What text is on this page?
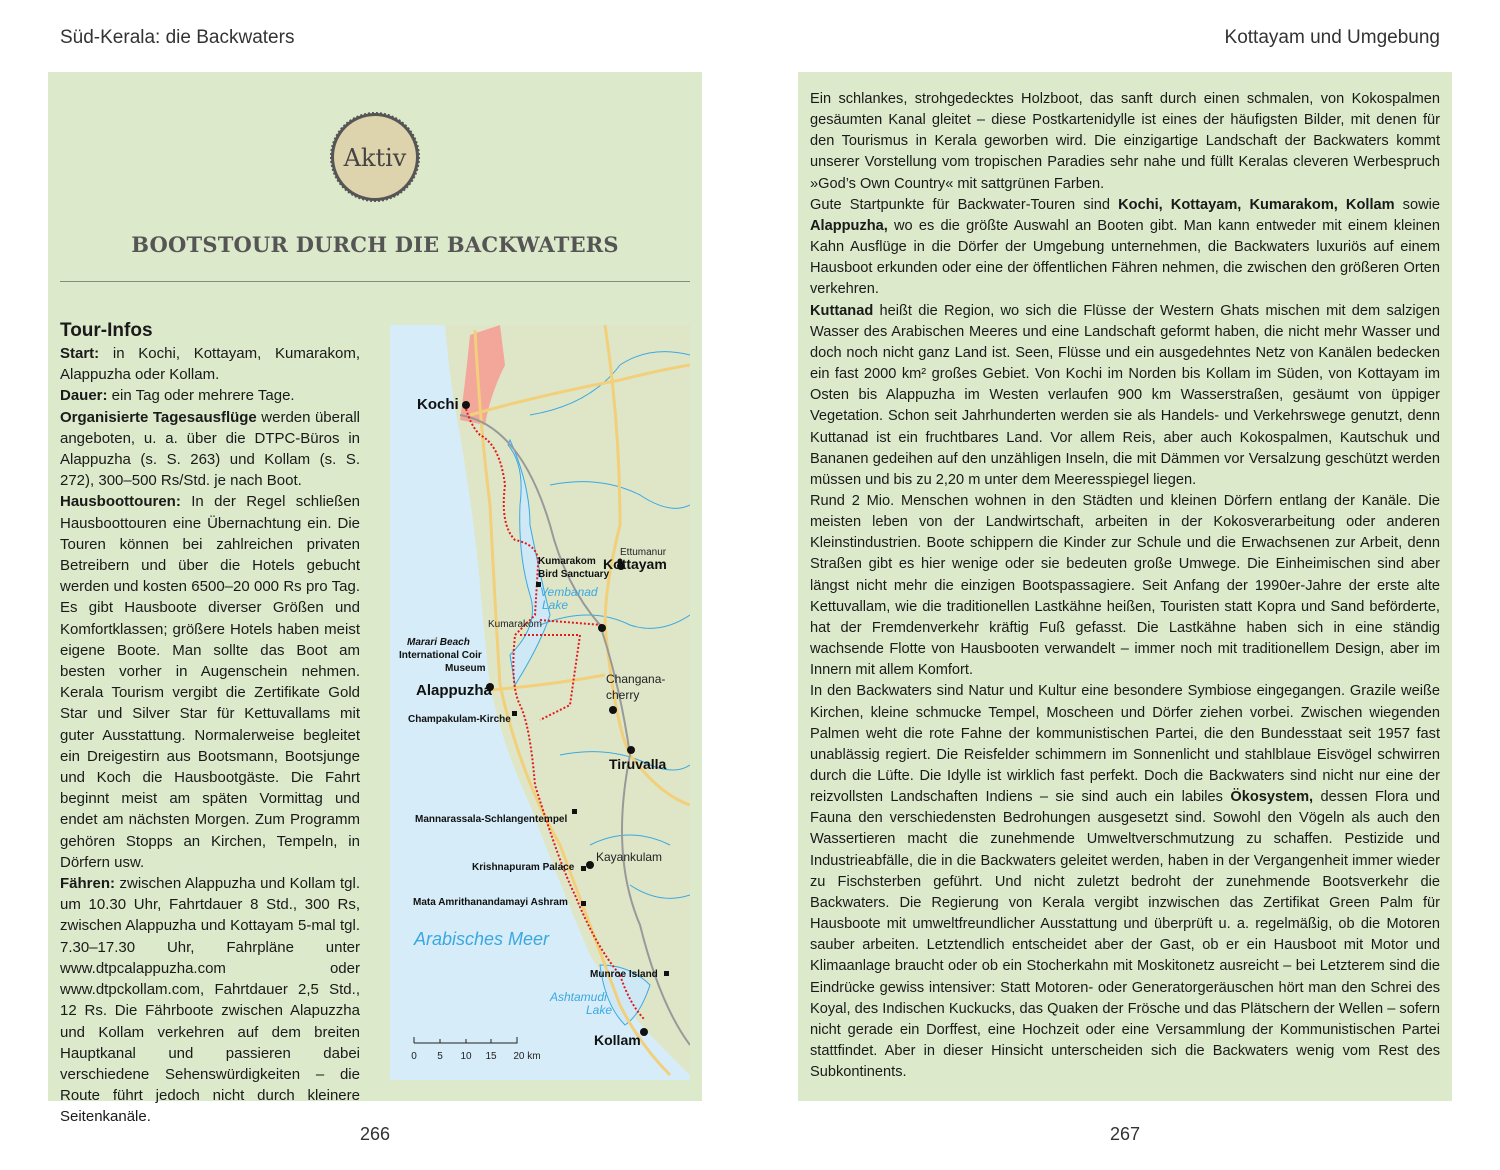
Süd-Kerala: die Backwaters	Kottayam und Umgebung
Aktiv
BOOTSTOUR DURCH DIE BACKWATERS
Tour-Infos

Start: in Kochi, Kottayam, Kumarakom, Alappuzha oder Kollam.

Dauer: ein Tag oder mehrere Tage.

Organisierte Tagesausflüge werden überall angeboten, u. a. über die DTPC-Büros in Alappuzha (s. S. 263) und Kollam (s. S. 272), 300–500 Rs/Std. je nach Boot.

Hausboottouren: In der Regel schließen Hausboottouren eine Übernachtung ein. Die Touren können bei zahlreichen privaten Betreibern und über die Hotels gebucht werden und kosten 6500–20 000 Rs pro Tag. Es gibt Hausboote diverser Größen und Komfortklassen; größere Hotels haben meist eigene Boote. Man sollte das Boot am besten vorher in Augenschein nehmen. Kerala Tourism vergibt die Zertifikate Gold Star und Silver Star für Kettuvallams mit guter Ausstattung. Normalerweise begleitet ein Dreigestirn aus Bootsmann, Bootsjunge und Koch die Hausbootgäste. Die Fahrt beginnt meist am späten Vormittag und endet am nächsten Morgen. Zum Programm gehören Stopps an Kirchen, Tempeln, in Dörfern usw.

Fähren: zwischen Alappuzha und Kollam tgl. um 10.30 Uhr, Fahrtdauer 8 Std., 300 Rs, zwischen Alappuzha und Kottayam 5-mal tgl. 7.30–17.30 Uhr, Fahrpläne unter www.dtpcalappuzha.com oder www.dtpckollam.com, Fahrtdauer 2,5 Std., 12 Rs. Die Fährboote zwischen Alapuzzha und Kollam verkehren auf dem breiten Hauptkanal und passieren dabei verschiedene Sehenswürdigkeiten – die Route führt jedoch nicht durch kleinere Seitenkanäle.

Kochi
Kottayam
Alappuzha
Tiruvalla
Kollam
Kumarakom Bird Sanctuary
Marari Beach
International Coir Museum
Champakulam-Kirche
Mannarassala-Schlangentempel
Krishnapuram Palace
Mata Amrithanandamayi Ashram
Munroe Island
Ettumanur
Kumarakom
Changana-cherry
Kayankulam
Vembanad Lake
Arabisches Meer
Ashtamudi Lake
0 5 10 15 20 km

Ein schlankes, strohgedecktes Holzboot, das sanft durch einen schmalen, von Kokospalmen gesäumten Kanal gleitet – diese Postkartenidylle ist eines der häufigsten Bilder, mit denen für den Tourismus in Kerala geworben wird. Die einzigartige Landschaft der Backwaters kommt unserer Vorstellung vom tropischen Paradies sehr nahe und füllt Keralas cleveren Werbespruch »God’s Own Country« mit sattgrünen Farben.

Gute Startpunkte für Backwater-Touren sind Kochi, Kottayam, Kumarakom, Kollam sowie Alappuzha, wo es die größte Auswahl an Booten gibt. Man kann entweder mit einem kleinen Kahn Ausflüge in die Dörfer der Umgebung unternehmen, die Backwaters luxuriös auf einem Hausboot erkunden oder eine der öffentlichen Fähren nehmen, die zwischen den größeren Orten verkehren.

Kuttanad heißt die Region, wo sich die Flüsse der Western Ghats mischen mit dem salzigen Wasser des Arabischen Meeres und eine Landschaft geformt haben, die nicht mehr Wasser und doch noch nicht ganz Land ist. Seen, Flüsse und ein ausgedehntes Netz von Kanälen bedecken ein fast 2000 km² großes Gebiet. Von Kochi im Norden bis Kollam im Süden, von Kottayam im Osten bis Alappuzha im Westen verlaufen 900 km Wasserstraßen, gesäumt von üppiger Vegetation. Schon seit Jahrhunderten werden sie als Handels- und Verkehrswege genutzt, denn Kuttanad ist ein fruchtbares Land. Vor allem Reis, aber auch Kokospalmen, Kautschuk und Bananen gedeihen auf den unzähligen Inseln, die mit Dämmen vor Versalzung geschützt werden müssen und bis zu 2,20 m unter dem Meeresspiegel liegen.

Rund 2 Mio. Menschen wohnen in den Städten und kleinen Dörfern entlang der Kanäle. Die meisten leben von der Landwirtschaft, arbeiten in der Kokosverarbeitung oder anderen Kleinstindustrien. Boote schippern die Kinder zur Schule und die Erwachsenen zur Arbeit, denn Straßen gibt es hier wenige oder sie bedeuten große Umwege. Die Einheimischen sind aber längst nicht mehr die einzigen Bootspassagiere. Seit Anfang der 1990er-Jahre der erste alte Kettuvallam, wie die traditionellen Lastkähne heißen, Touristen statt Kopra und Sand beförderte, hat der Fremdenverkehr kräftig Fuß gefasst. Die Lastkähne haben sich in eine ständig wachsende Flotte von Hausbooten verwandelt – immer noch mit traditionellem Design, aber im Innern mit allem Komfort.

In den Backwaters sind Natur und Kultur eine besondere Symbiose eingegangen. Grazile weiße Kirchen, kleine schmucke Tempel, Moscheen und Dörfer ziehen vorbei. Zwischen wiegenden Palmen weht die rote Fahne der kommunistischen Partei, die den Bundesstaat seit 1957 fast unablässig regiert. Die Reisfelder schimmern im Sonnenlicht und stahlblaue Eisvögel schwirren durch die Lüfte. Die Idylle ist wirklich fast perfekt. Doch die Backwaters sind nicht nur eine der reizvollsten Landschaften Indiens – sie sind auch ein labiles Ökosystem, dessen Flora und Fauna den verschiedensten Bedrohungen ausgesetzt sind. Sowohl den Vögeln als auch den Wassertieren macht die zunehmende Umweltverschmutzung zu schaffen. Pestizide und Industrieabfälle, die in die Backwaters geleitet werden, haben in der Vergangenheit immer wieder zu Fischsterben geführt. Und nicht zuletzt bedroht der zunehmende Bootsverkehr die Backwaters. Die Regierung von Kerala vergibt inzwischen das Zertifikat Green Palm für Hausboote mit umweltfreundlicher Ausstattung und überprüft u. a. regelmäßig, ob die Motoren sauber arbeiten. Letztendlich entscheidet aber der Gast, ob er ein Hausboot mit Motor und Klimaanlage braucht oder ob ein Stocherkahn mit Moskitonetz ausreicht – bei Letzterem sind die Eindrücke gewiss intensiver: Statt Motoren- oder Generatorgeräuschen hört man den Schrei des Koyal, des Indischen Kuckucks, das Quaken der Frösche und das Plätschern der Wellen – sofern nicht gerade ein Dorffest, eine Hochzeit oder eine Versammlung der Kommunistischen Partei stattfindet. Aber in dieser Hinsicht unterscheiden sich die Backwaters wenig vom Rest des Subkontinents.

266	267
